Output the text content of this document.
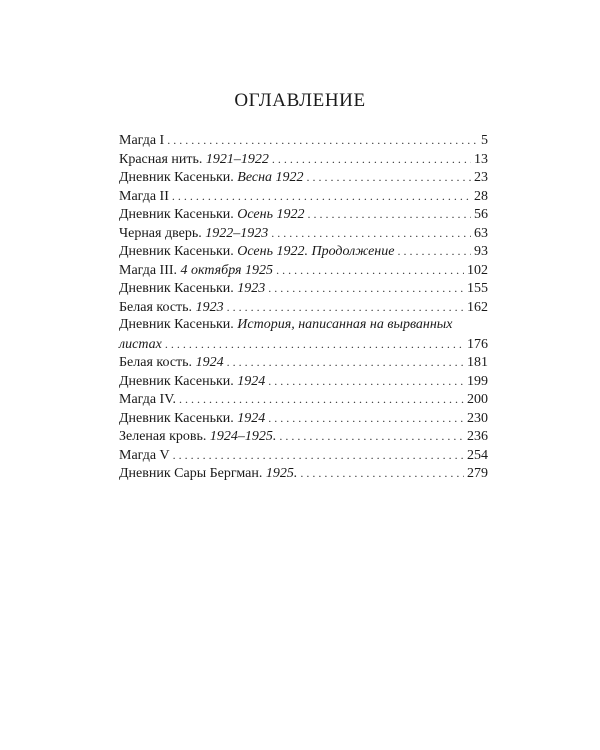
ОГЛАВЛЕНИЕ
Магда I . . .	5
Красная нить. 1921–1922 . . .	13
Дневник Касеньки. Весна 1922 . . .	23
Магда II . . .	28
Дневник Касеньки. Осень 1922 . . .	56
Черная дверь. 1922–1923 . . .	63
Дневник Касеньки. Осень 1922. Продолжение . . .	93
Магда III. 4 октября 1925 . . .	102
Дневник Касеньки. 1923 . . .	155
Белая кость. 1923 . . .	162
Дневник Касеньки. История, написанная на вырванных
листах . . .	176
Белая кость. 1924 . . .	181
Дневник Касеньки. 1924 . . .	199
Магда IV. . . .	200
Дневник Касеньки. 1924 . . .	230
Зеленая кровь. 1924–1925. . . .	236
Магда V . . .	254
Дневник Сары Бергман. 1925. . . .	279
